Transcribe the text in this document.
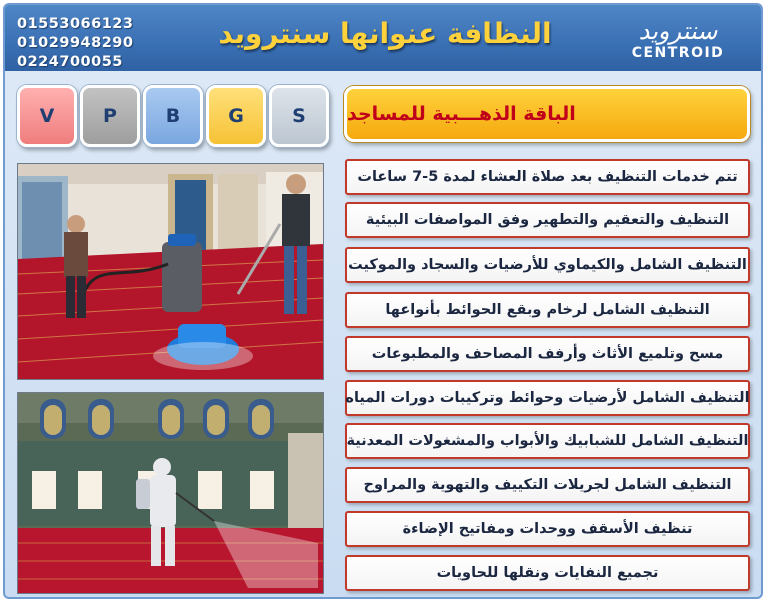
01553066123
01029948290
0224700055
النظافة عنوانها سنترويد	سنترويد
CENTROID
V	P	B	G	S	الباقة الذهـــبية للمساجد
تتم خدمات التنظيف بعد صلاة العشاء لمدة 5-7 ساعات
التنظيف والتعقيم والتطهير وفق المواصفات البيئية
التنظيف الشامل والكيماوي للأرضيات والسجاد والموكيت
التنظيف الشامل لرخام وبقع الحوائط بأنواعها
مسح وتلميع الأثاث وأرفف المصاحف والمطبوعات
التنظيف الشامل لأرضيات وحوائط وتركيبات دورات المياه
التنظيف الشامل للشبابيك والأبواب والمشغولات المعدنية
التنظيف الشامل لجريلات التكييف والتهوية والمراوح
تنظيف الأسقف ووحدات ومفاتيح الإضاءة
تجميع النفايات ونقلها للحاويات
